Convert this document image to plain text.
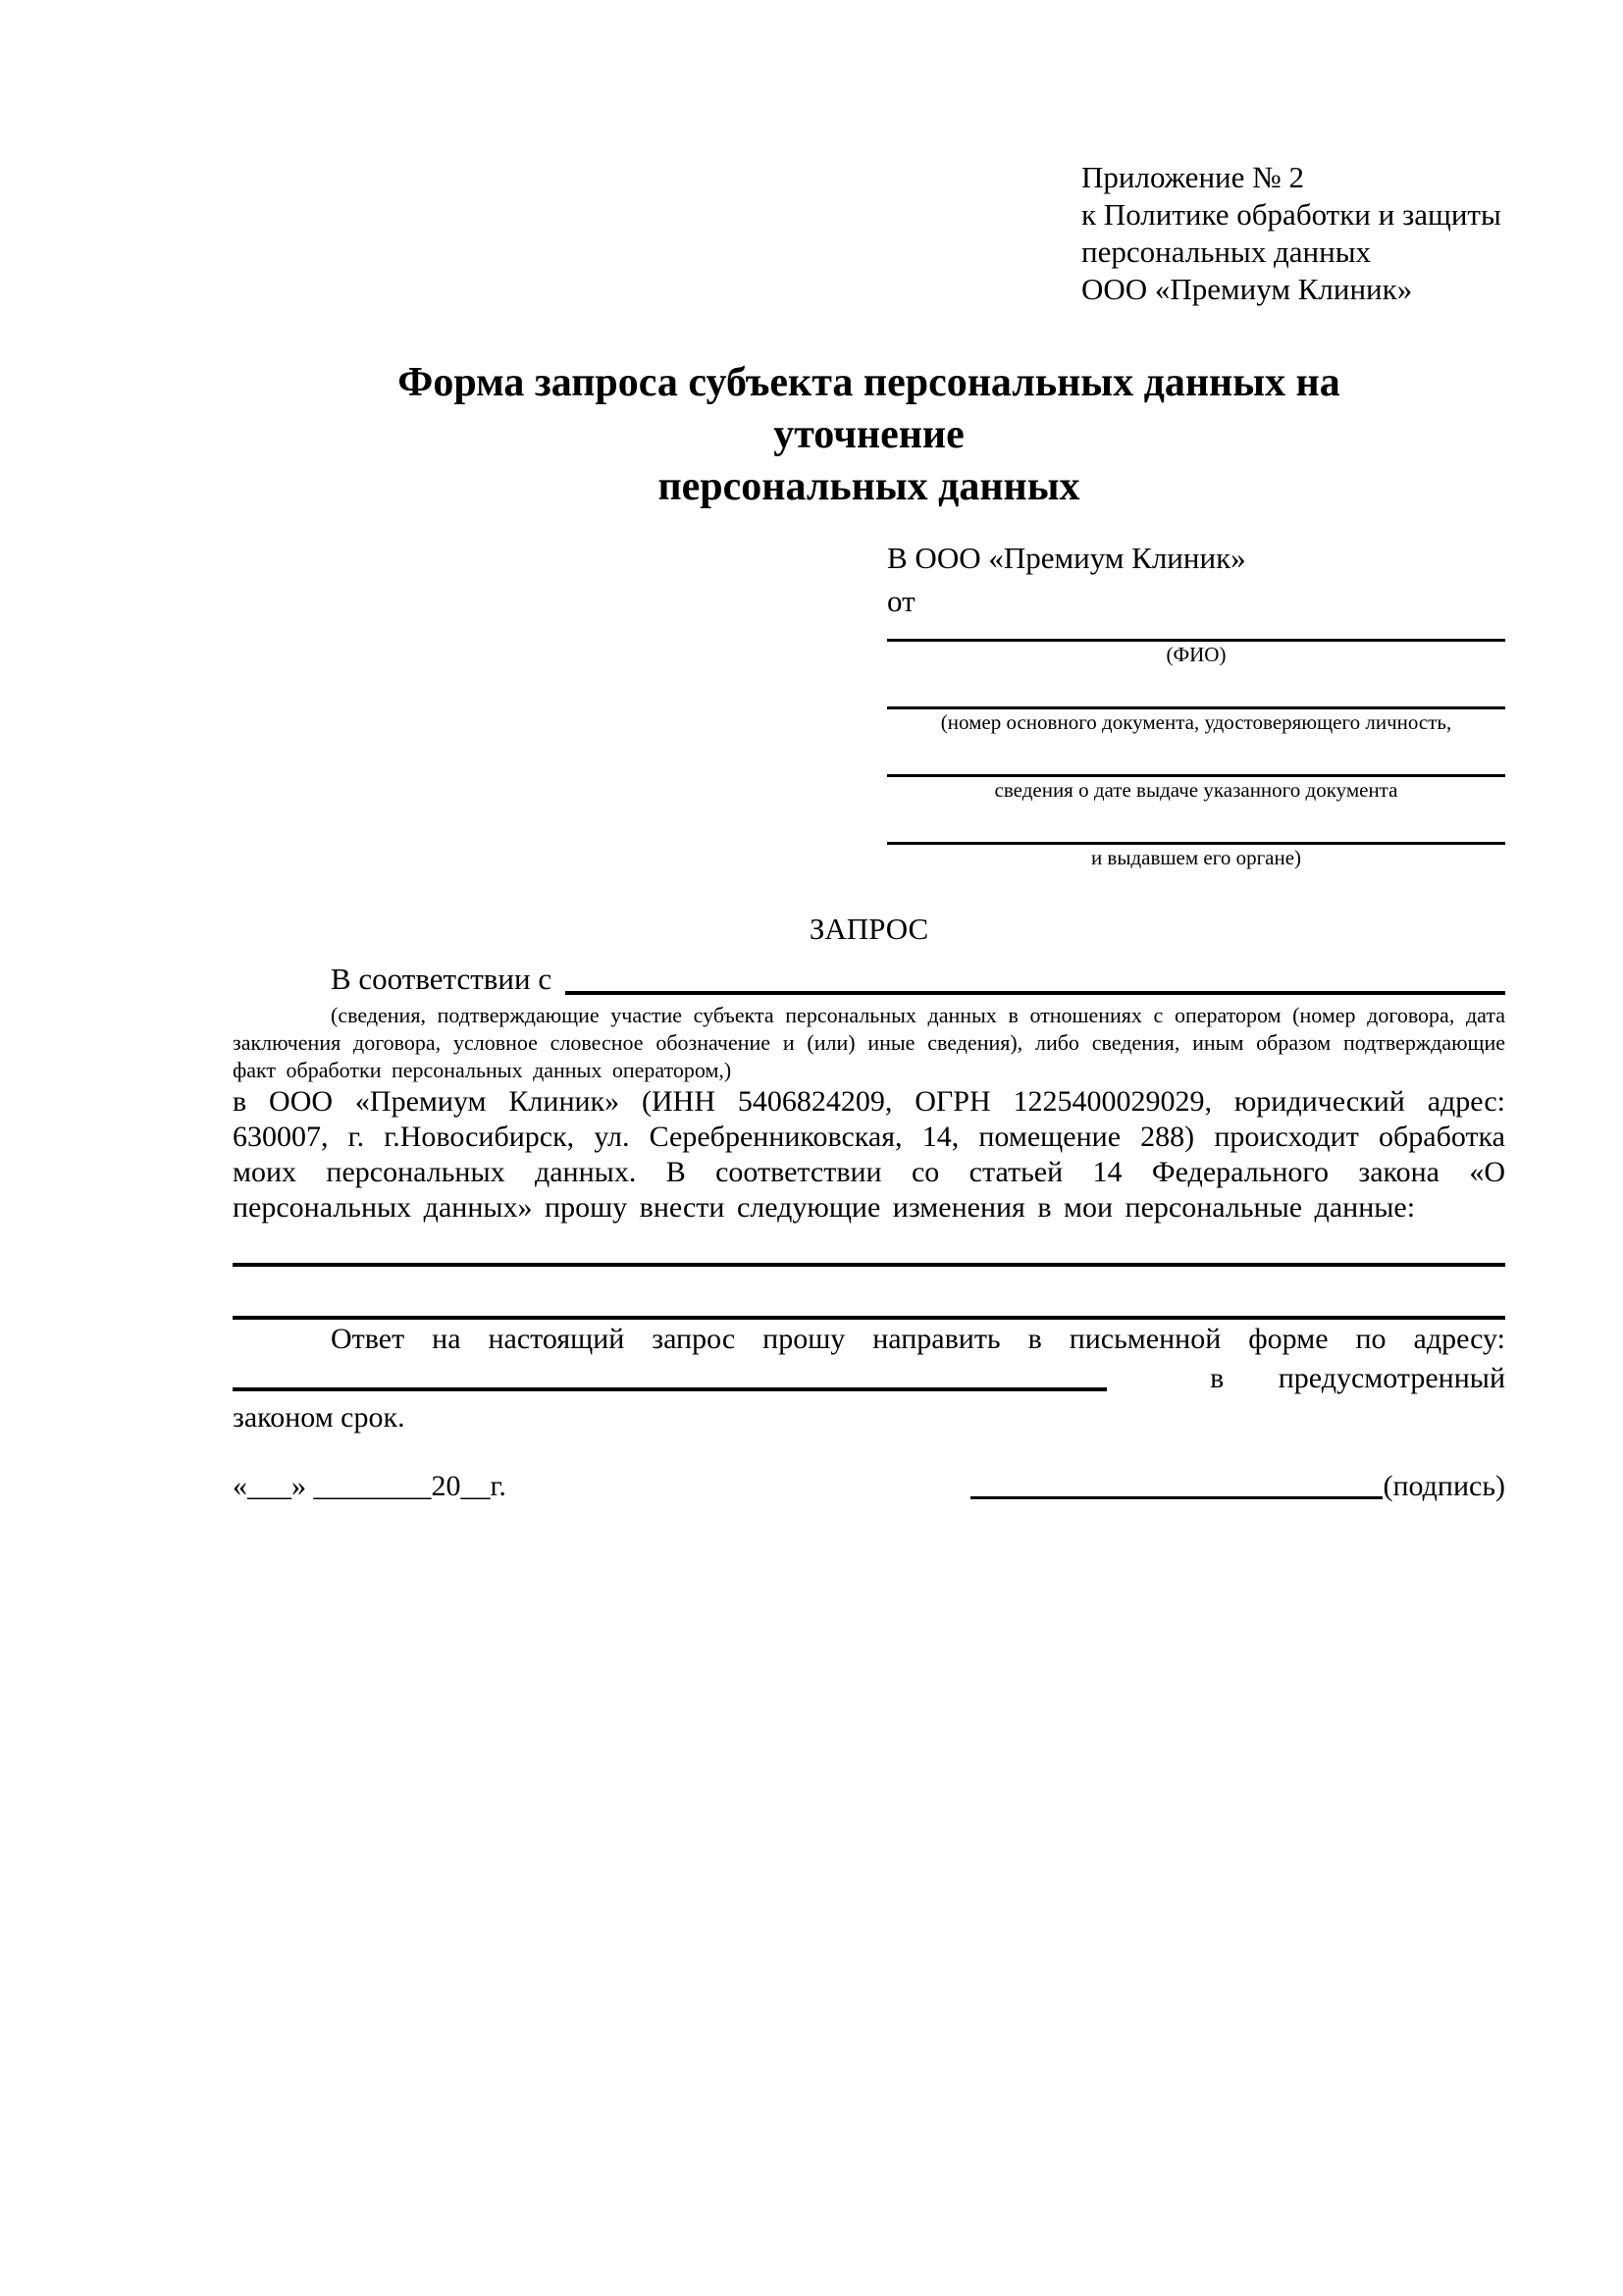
Приложение № 2
к Политике обработки и защиты
персональных данных
ООО «Премиум Клиник»
Форма запроса субъекта персональных данных на уточнение
персональных данных
В ООО «Премиум Клиник»
от
(ФИО)
(номер основного документа, удостоверяющего личность,
сведения о дате выдаче указанного документа
и выдавшем его органе)
ЗАПРОС
В соответствии с
(сведения, подтверждающие участие субъекта персональных данных в отношениях с оператором (номер договора, дата заключения договора, условное словесное обозначение и (или) иные сведения), либо сведения, иным образом подтверждающие факт обработки персональных данных оператором,)
в ООО «Премиум Клиник» (ИНН 5406824209, ОГРН 1225400029029, юридический адрес: 630007, г. г.Новосибирск, ул. Серебренниковская, 14, помещение 288) происходит обработка моих персональных данных. В соответствии со статьей 14 Федерального закона «О персональных данных» прошу внести следующие изменения в мои персональные данные:
Ответ на настоящий запрос прошу направить в письменной форме по адресу:
в предусмотренный
законом срок.
«___» ________20__г.	(подпись)
